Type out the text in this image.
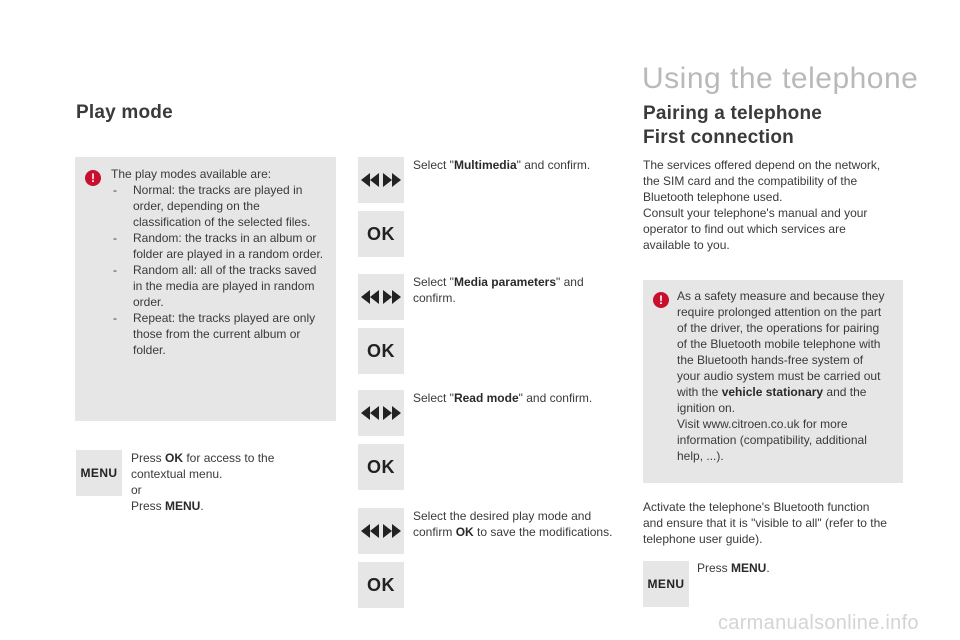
Using the telephone
Play mode
!	The play modes available are:
- Normal: the tracks are played in order, depending on the classification of the selected files.
- Random: the tracks in an album or folder are played in a random order.
- Random all: all of the tracks saved in the media are played in random order.
- Repeat: the tracks played are only those from the current album or folder.
MENU
Press OK for access to the
contextual menu.
or
Press MENU.
OK
Select "Multimedia" and confirm.
OK
Select "Media parameters" and confirm.
OK
Select "Read mode" and confirm.
OK
Select the desired play mode and confirm OK to save the modifications.
Pairing a telephone
First connection
The services offered depend on the network,
the SIM card and the compatibility of the
Bluetooth telephone used.
Consult your telephone's manual and your
operator to find out which services are
available to you.
!	As a safety measure and because they
require prolonged attention on the part
of the driver, the operations for pairing
of the Bluetooth mobile telephone with
the Bluetooth hands-free system of
your audio system must be carried out
with the vehicle stationary and the
ignition on.
Visit www.citroen.co.uk for more
information (compatibility, additional
help, ...).
Activate the telephone's Bluetooth function
and ensure that it is "visible to all" (refer to the
telephone user guide).
MENU
Press MENU.
carmanualsonline.info
